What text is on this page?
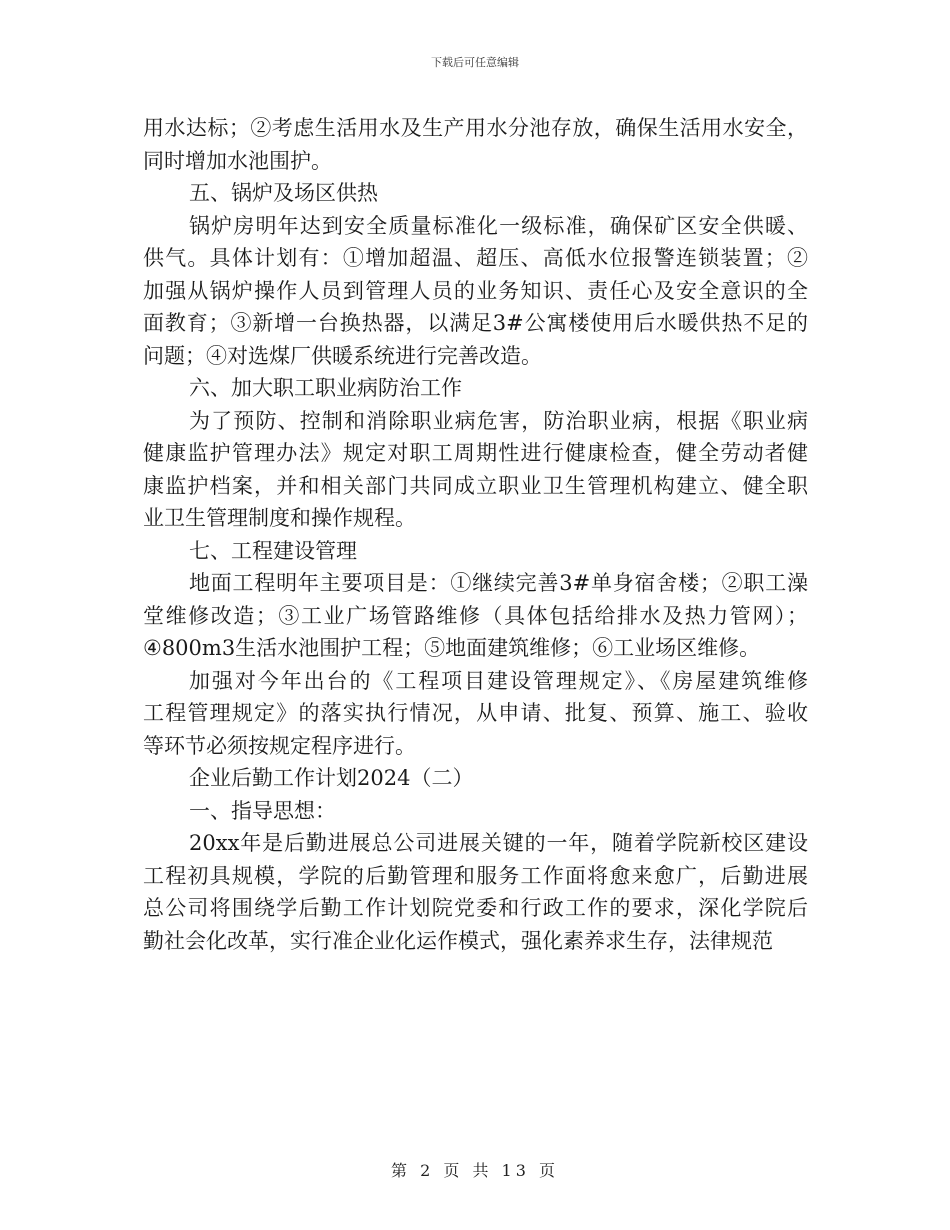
下载后可任意编辑
用水达标；②考虑生活用水及生产用水分池存放，确保生活用水安全，
同时增加水池围护。
五、锅炉及场区供热
锅炉房明年达到安全质量标准化一级标准，确保矿区安全供暖、
供气。具体计划有：①增加超温、超压、高低水位报警连锁装置；②
加强从锅炉操作人员到管理人员的业务知识、责任心及安全意识的全
面教育；③新增一台换热器，以满足3#公寓楼使用后水暖供热不足的
问题；④对选煤厂供暖系统进行完善改造。
六、加大职工职业病防治工作
为了预防、控制和消除职业病危害，防治职业病，根据《职业病
健康监护管理办法》规定对职工周期性进行健康检查，健全劳动者健
康监护档案，并和相关部门共同成立职业卫生管理机构建立、健全职
业卫生管理制度和操作规程。
七、工程建设管理
地面工程明年主要项目是：①继续完善3#单身宿舍楼；②职工澡
堂维修改造；③工业广场管路维修（具体包括给排水及热力管网）；
④800m3生活水池围护工程；⑤地面建筑维修；⑥工业场区维修。
加强对今年出台的《工程项目建设管理规定》、《房屋建筑维修
工程管理规定》的落实执行情况，从申请、批复、预算、施工、验收
等环节必须按规定程序进行。
企业后勤工作计划2024（二）
一、指导思想：
20xx年是后勤进展总公司进展关键的一年，随着学院新校区建设
工程初具规模，学院的后勤管理和服务工作面将愈来愈广，后勤进展
总公司将围绕学后勤工作计划院党委和行政工作的要求，深化学院后
勤社会化改革，实行准企业化运作模式，强化素养求生存，法律规范
第 2 页 共 13 页
